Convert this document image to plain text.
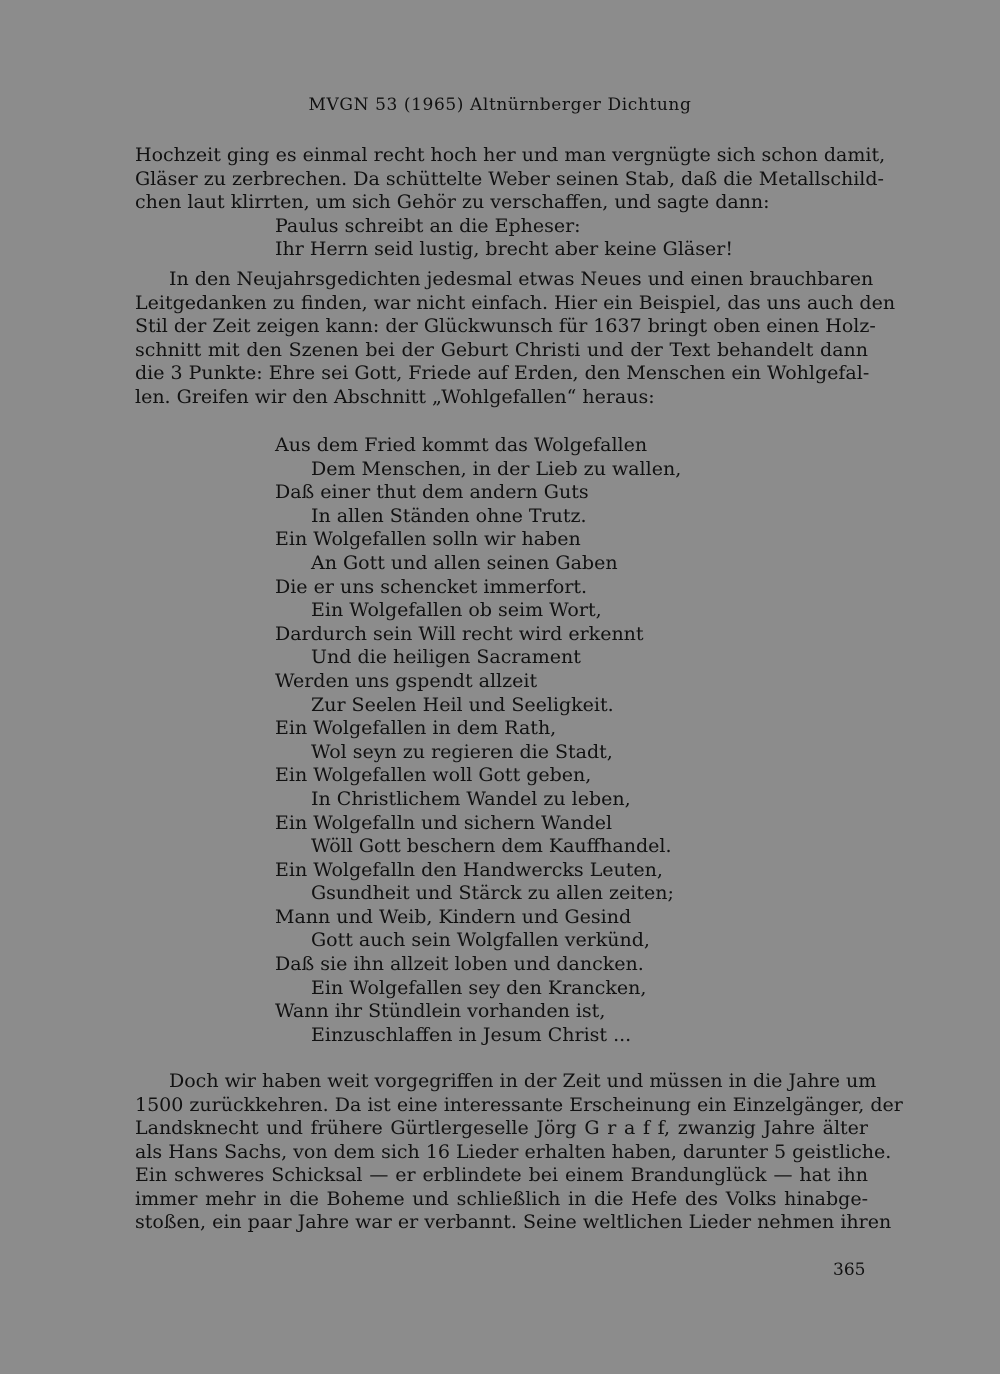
MVGN 53 (1965) Altnürnberger Dichtung
Hochzeit ging es einmal recht hoch her und man vergnügte sich schon damit,
Gläser zu zerbrechen. Da schüttelte Weber seinen Stab, daß die Metallschild-
chen laut klirrten, um sich Gehör zu verschaffen, und sagte dann:
Paulus schreibt an die Epheser:
Ihr Herrn seid lustig, brecht aber keine Gläser!
In den Neujahrsgedichten jedesmal etwas Neues und einen brauchbaren
Leitgedanken zu finden, war nicht einfach. Hier ein Beispiel, das uns auch den
Stil der Zeit zeigen kann: der Glückwunsch für 1637 bringt oben einen Holz-
schnitt mit den Szenen bei der Geburt Christi und der Text behandelt dann
die 3 Punkte: Ehre sei Gott, Friede auf Erden, den Menschen ein Wohlgefal-
len. Greifen wir den Abschnitt „Wohlgefallen“ heraus:
Aus dem Fried kommt das Wolgefallen
Dem Menschen, in der Lieb zu wallen,
Daß einer thut dem andern Guts
In allen Ständen ohne Trutz.
Ein Wolgefallen solln wir haben
An Gott und allen seinen Gaben
Die er uns schencket immerfort.
Ein Wolgefallen ob seim Wort,
Dardurch sein Will recht wird erkennt
Und die heiligen Sacrament
Werden uns gspendt allzeit
Zur Seelen Heil und Seeligkeit.
Ein Wolgefallen in dem Rath,
Wol seyn zu regieren die Stadt,
Ein Wolgefallen woll Gott geben,
In Christlichem Wandel zu leben,
Ein Wolgefalln und sichern Wandel
Wöll Gott beschern dem Kauffhandel.
Ein Wolgefalln den Handwercks Leuten,
Gsundheit und Stärck zu allen zeiten;
Mann und Weib, Kindern und Gesind
Gott auch sein Wolgfallen verkünd,
Daß sie ihn allzeit loben und dancken.
Ein Wolgefallen sey den Krancken,
Wann ihr Stündlein vorhanden ist,
Einzuschlaffen in Jesum Christ ...
Doch wir haben weit vorgegriffen in der Zeit und müssen in die Jahre um
1500 zurückkehren. Da ist eine interessante Erscheinung ein Einzelgänger, der
Landsknecht und frühere Gürtlergeselle Jörg G r a f f, zwanzig Jahre älter
als Hans Sachs, von dem sich 16 Lieder erhalten haben, darunter 5 geistliche.
Ein schweres Schicksal — er erblindete bei einem Brandunglück — hat ihn
immer mehr in die Boheme und schließlich in die Hefe des Volks hinabge-
stoßen, ein paar Jahre war er verbannt. Seine weltlichen Lieder nehmen ihren
365
